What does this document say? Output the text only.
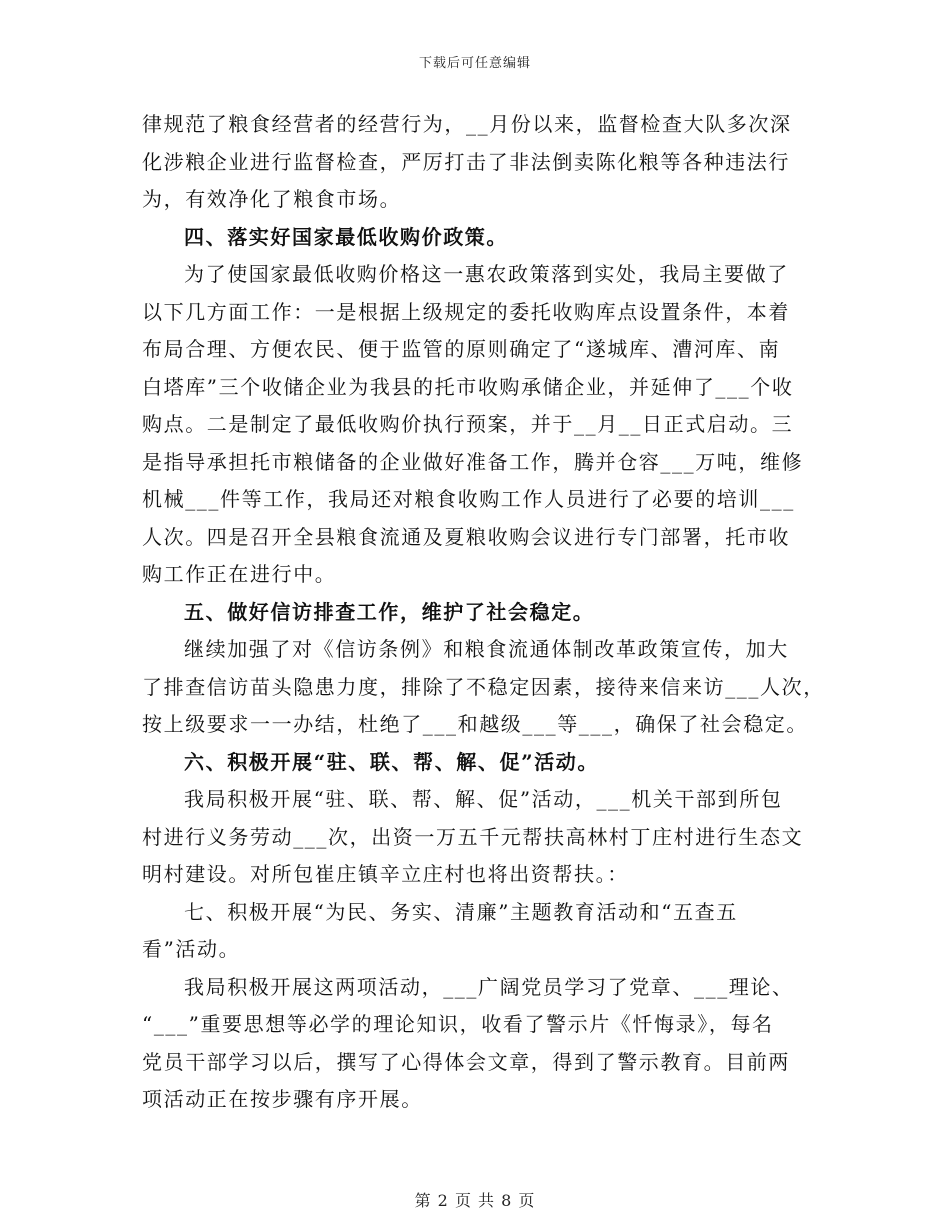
下载后可任意编辑
律规范了粮食经营者的经营行为，__月份以来，监督检查大队多次深
化涉粮企业进行监督检查，严厉打击了非法倒卖陈化粮等各种违法行
为，有效净化了粮食市场。
四、落实好国家最低收购价政策。
为了使国家最低收购价格这一惠农政策落到实处，我局主要做了
以下几方面工作：一是根据上级规定的委托收购库点设置条件，本着
布局合理、方便农民、便于监管的原则确定了“遂城库、漕河库、南
白塔库”三个收储企业为我县的托市收购承储企业，并延伸了___个收
购点。二是制定了最低收购价执行预案，并于__月__日正式启动。三
是指导承担托市粮储备的企业做好准备工作，腾并仓容___万吨，维修
机械___件等工作，我局还对粮食收购工作人员进行了必要的培训___
人次。四是召开全县粮食流通及夏粮收购会议进行专门部署，托市收
购工作正在进行中。
五、做好信访排查工作，维护了社会稳定。
继续加强了对《信访条例》和粮食流通体制改革政策宣传，加大
了排查信访苗头隐患力度，排除了不稳定因素，接待来信来访___人次，
按上级要求一一办结，杜绝了___和越级___等___，确保了社会稳定。
六、积极开展“驻、联、帮、解、促”活动。
我局积极开展“驻、联、帮、解、促”活动，___机关干部到所包
村进行义务劳动___次，出资一万五千元帮扶高林村丁庄村进行生态文
明村建设。对所包崔庄镇辛立庄村也将出资帮扶。：
七、积极开展“为民、务实、清廉”主题教育活动和“五查五
看”活动。
我局积极开展这两项活动，___广阔党员学习了党章、___理论、
“___”重要思想等必学的理论知识，收看了警示片《忏悔录》，每名
党员干部学习以后，撰写了心得体会文章，得到了警示教育。目前两
项活动正在按步骤有序开展。
第 2 页 共 8 页
